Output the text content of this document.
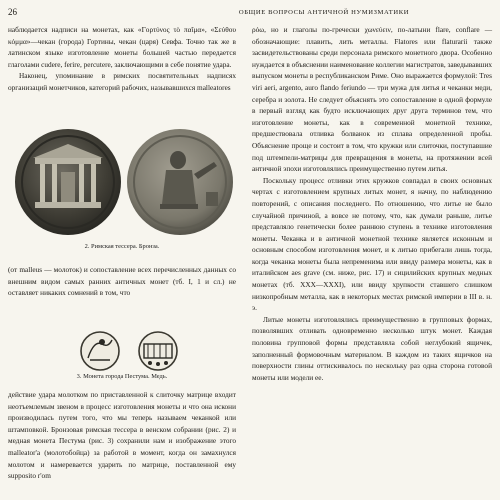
26	ОБЩИЕ ВОПРОСЫ АНТИЧНОЙ НУМИЗМАТИКИ

наблюдается надписи на монетах, как «Γορτύνος τὸ παῖμα», «Σεύθου κόμμα»—чекан (города) Гортины, чекан (царя) Севфа. Точно так же в латинском языке изготовление монеты большей частью передается глаголами cudere, ferire, percutere, заключающими в себе понятие удара.

Наконец, упоминание в римских посвятительных надписях организаций монетчиков, категорий рабочих, называвшихся malleatores

2. Римская тессера. Бронза.

(от malleus — молоток) и сопоставление всех перечисленных данных со внешним видом самых ранних античных монет (тб. I, 1 и сл.) не оставляет никаких сомнений в том, что

3. Монета города Пестума. Медь.

действие удара молотком по приставленной к слиточку матрице входит неотъемлемым звеном в процесс изготовления монеты и что она искони производилась путем того, что мы теперь называем чеканкой или штамповкой. Бронзовая римская тессера в венском собрании (рис. 2) и медная монета Пестума (рис. 3) сохранили нам и изображение этого malleator'а (молотобойца) за работой в момент, когда он замахнулся молотом и намеревается ударить по матрице, поставленной ему supposito r'om

ρόω, но и глаголы по-гречески χωνεύειν, по-латыни flare, conflare — обозначающие: плавить, лить металлы. Flatores или flaturarii также засвидетельствованы среди персонала римского монетного двора. Особенно нуждается в объяснении наименование коллегии магистратов, заведывавших выпуском монеты в республиканском Риме. Оно выражается формулой: Tres viri aeri, argento, auro flando feriundo — три мужа для литья и чеканки меди, серебра и золота. Не следует объяснять это сопоставление в одной формуле в первый взгляд как будто исключающих друг друга терминов тем, что изготовление монеты, как в современной монетной технике, предшествовала отливка болванок из сплава определенной пробы. Объяснение проще и состоит в том, что кружки или слиточки, поступавшие под штемпели-матрицы для превращения в монеты, на протяжении всей античной эпохи изготовлялись преимущественно путем литья.

Поскольку процесс отливки этих кружков совпадал в своих основных чертах с изготовлением крупных литых монет, я начну, по наблюдению повторений, с описания последнего. По отношению, что литье не было случайной причиной, а вовсе не потому, что, как думали раньше, литье представляло генетически более раннюю ступень в технике изготовления монеты. Чеканка и в античной монетной технике является исконным и основным способом изготовления монет, и к литью прибегали лишь тогда, когда чеканка монеты была непременима или ввиду размера монеты, как в италийском aes grave (см. ниже, рис. 17) и сицилийских крупных медных монетах (тб. XXX—XXXI), или ввиду хрупкости ставшего слишком низкопробным металла, как в некоторых местах римской империи в III в. н. э.

Литые монеты изготовлялись преимущественно в групповых формах, позволявших отливать одновременно несколько штук монет. Каждая половина групповой формы представляла собой неглубокий ящичек, заполненный формовочным материалом. В каждом из таких ящичков на поверхности глины оттискивалось по нескольку раз одна сторона готовой монеты или модели ее.
